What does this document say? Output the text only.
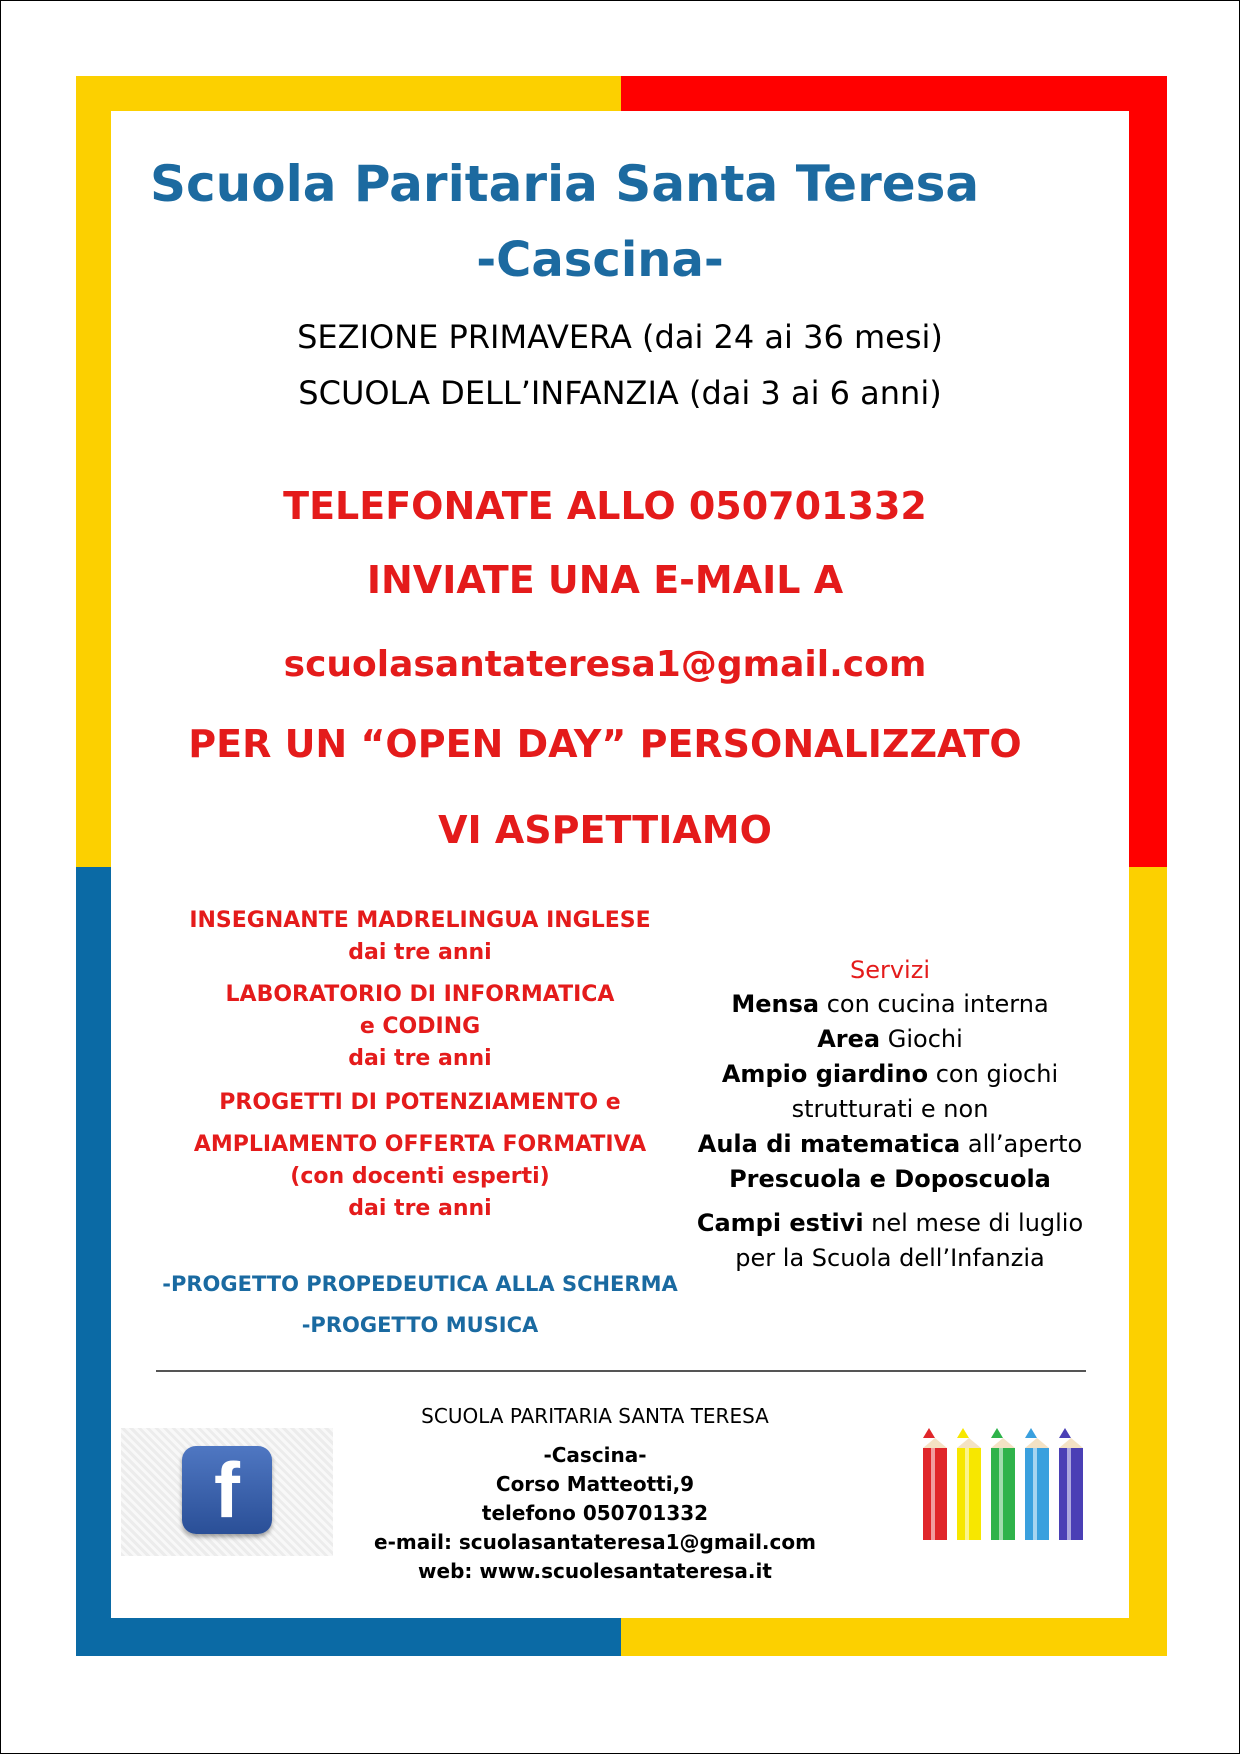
Scuola Paritaria Santa Teresa
-Cascina-
SEZIONE PRIMAVERA (dai 24 ai 36 mesi)
SCUOLA DELL’INFANZIA (dai 3 ai 6 anni)
TELEFONATE ALLO 050701332
INVIATE UNA E-MAIL A
scuolasantateresa1@gmail.com
PER UN “OPEN DAY” PERSONALIZZATO
VI ASPETTIAMO
INSEGNANTE MADRELINGUA INGLESE
dai tre anni
LABORATORIO DI INFORMATICA
e CODING
dai tre anni
PROGETTI DI POTENZIAMENTO e
AMPLIAMENTO OFFERTA FORMATIVA
(con docenti esperti)
dai tre anni
-PROGETTO PROPEDEUTICA ALLA SCHERMA
-PROGETTO MUSICA
Servizi
Mensa con cucina interna
Area Giochi
Ampio giardino con giochi
strutturati e non
Aula di matematica all’aperto
Prescuola e Doposcuola
Campi estivi nel mese di luglio
per la Scuola dell’Infanzia
f
SCUOLA PARITARIA SANTA TERESA
-Cascina-
Corso Matteotti,9
telefono 050701332
e-mail: scuolasantateresa1@gmail.com
web: www.scuolesantateresa.it
